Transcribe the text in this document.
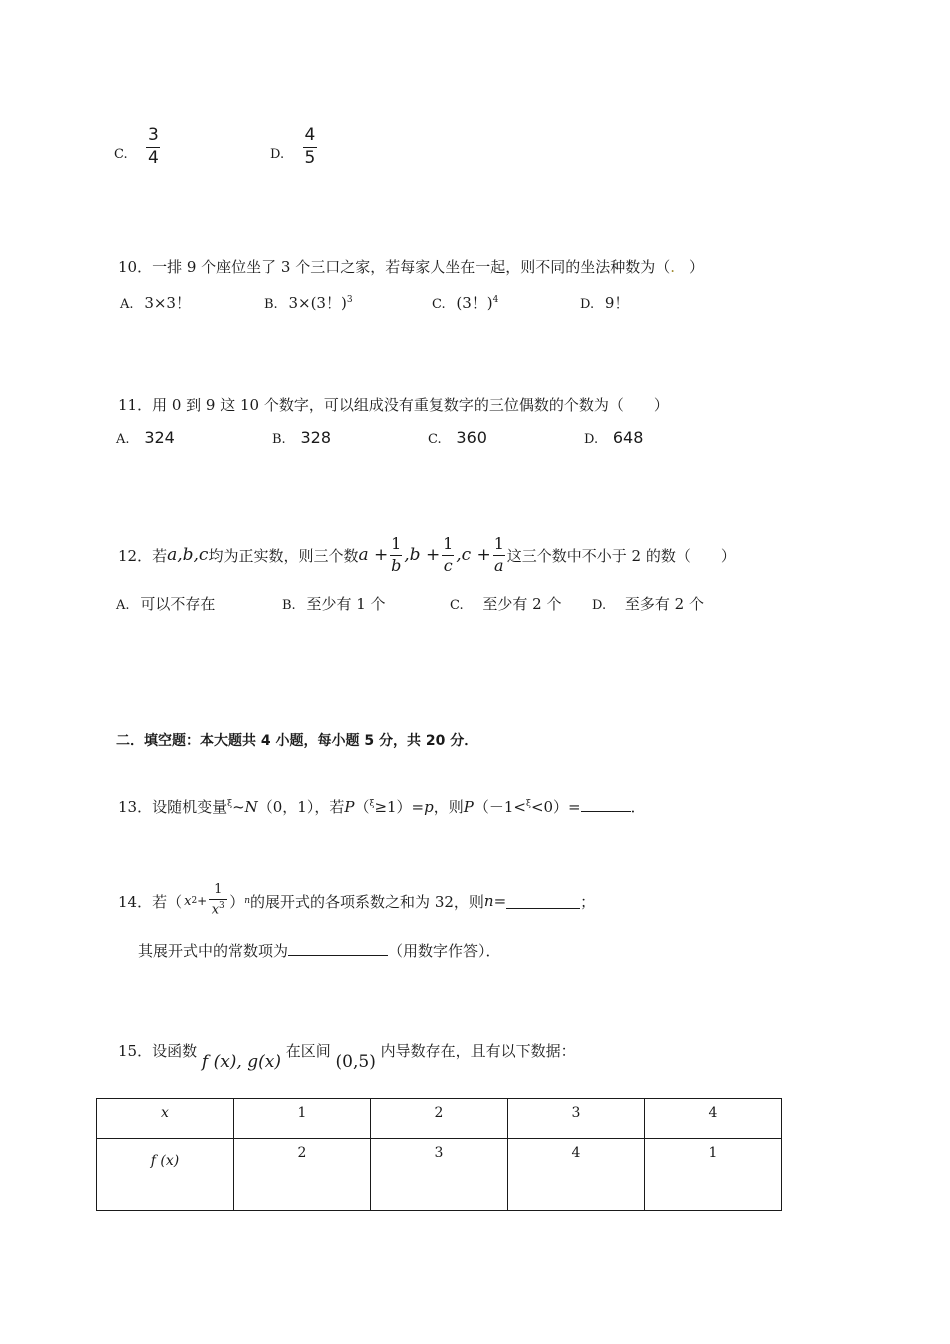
C. $\frac{3}{4}$	D. $\frac{4}{5}$
10．一排 9 个座位坐了 3 个三口之家，若每家人坐在一起，则不同的坐法种数为（. ）
A. 3×3！	B. 3×(3！)$^3$	C. (3！)$^4$	D. 9！
11．用 0 到 9 这 10 个数字，可以组成没有重复数字的三位偶数的个数为（　　）
A. 324	B. 328	C. 360	D. 648
12．若 a,b,c 均为正实数，则三个数 $a + \frac{1}{b} ,b + \frac{1}{c} ,c + \frac{1}{a}$ 这三个数中不小于 2 的数（　　）
A. 可以不存在	B. 至少有 1 个	C. 至少有 2 个 D. 至多有 2 个
二．填空题：本大题共 4 小题，每小题 5 分，共 20 分．
13．设随机变量$^\xi$~N（0，1），若P（$^\xi$≥1）=p，则P（－1<$^\xi$<0）=	．
14．若（ x $2 + \frac{1}{x^3}$ ） n 的展开式的各项系数之和为 32，则 n =	；
其展开式中的常数项为	（用数字作答）．
15．设函数 f (x), g(x) 在区间 (0,5) 内导数存在，且有以下数据：
x	1	2	3	4
f (x)	2	3	4	1
